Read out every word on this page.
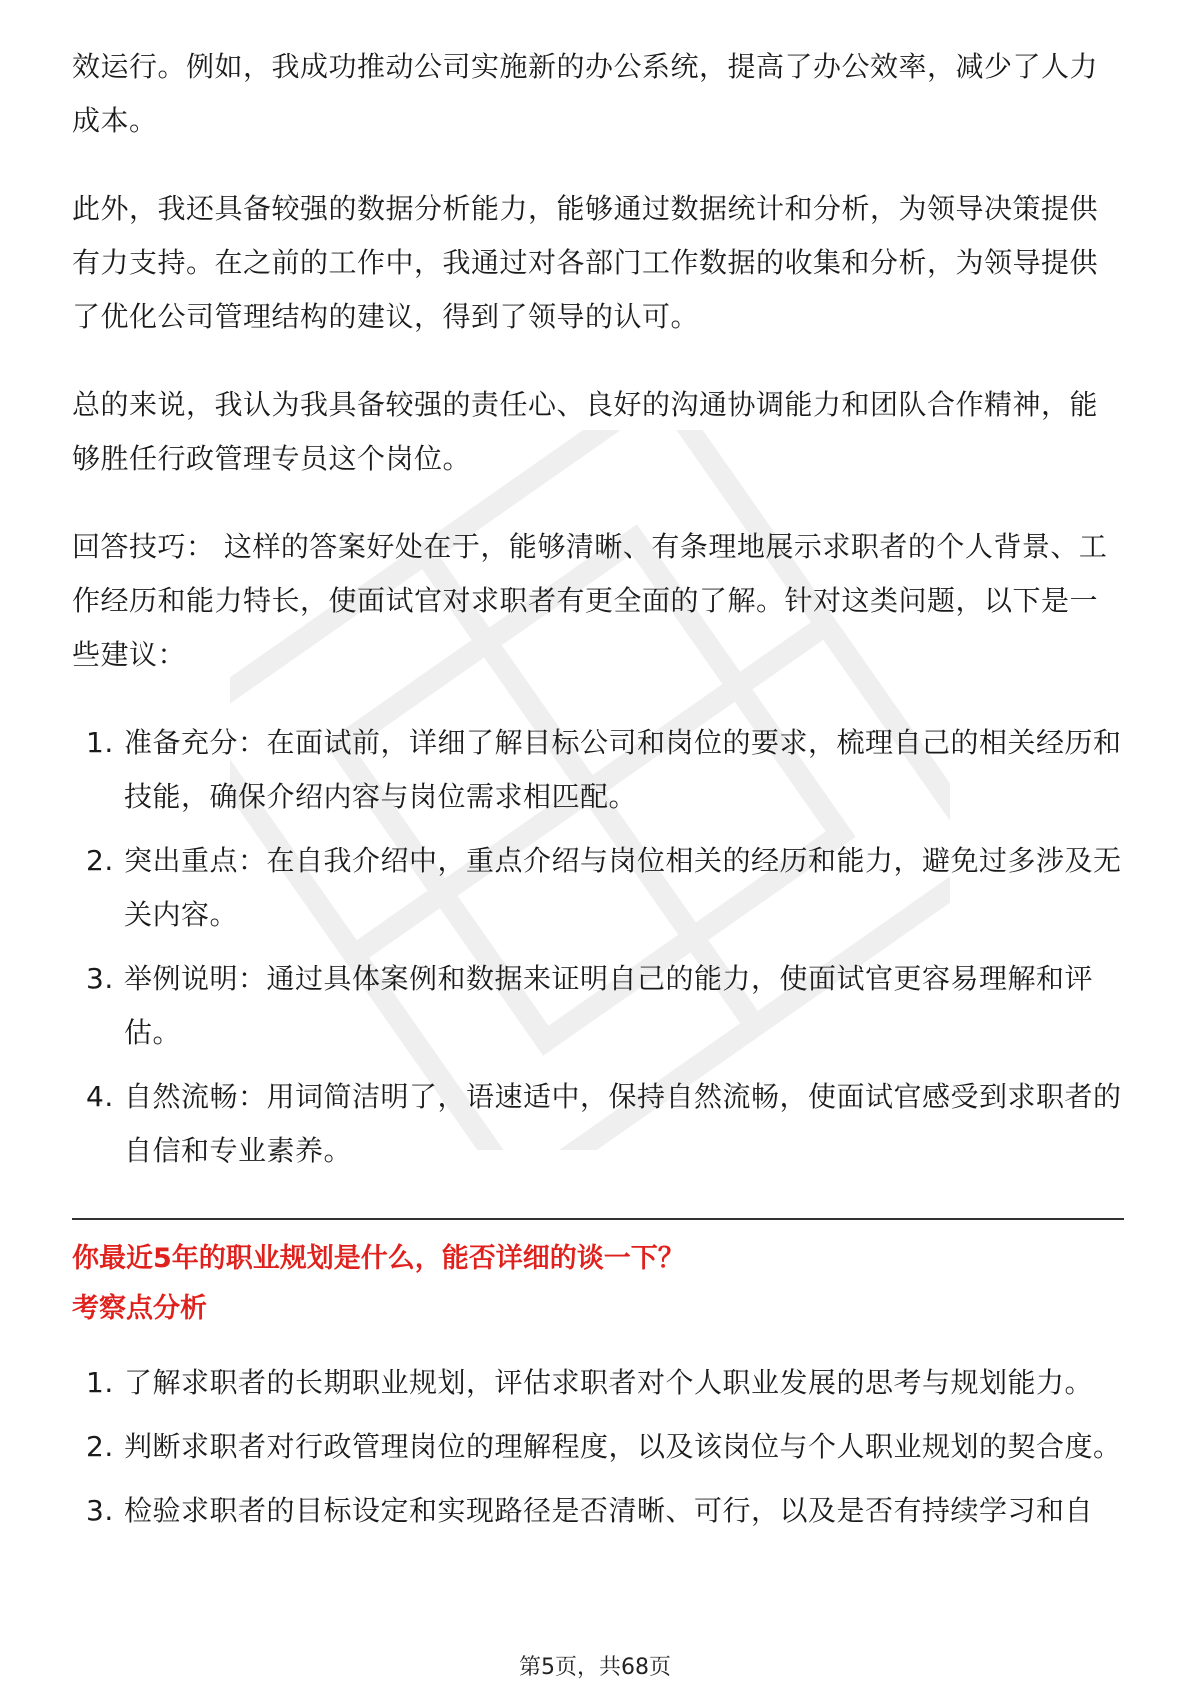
效运行。例如，我成功推动公司实施新的办公系统，提高了办公效率，减少了人力成本。

此外，我还具备较强的数据分析能力，能够通过数据统计和分析，为领导决策提供有力支持。在之前的工作中，我通过对各部门工作数据的收集和分析，为领导提供了优化公司管理结构的建议，得到了领导的认可。

总的来说，我认为我具备较强的责任心、良好的沟通协调能力和团队合作精神，能够胜任行政管理专员这个岗位。

回答技巧： 这样的答案好处在于，能够清晰、有条理地展示求职者的个人背景、工作经历和能力特长，使面试官对求职者有更全面的了解。针对这类问题，以下是一些建议：

1. 准备充分：在面试前，详细了解目标公司和岗位的要求，梳理自己的相关经历和技能，确保介绍内容与岗位需求相匹配。
2. 突出重点：在自我介绍中，重点介绍与岗位相关的经历和能力，避免过多涉及无关内容。
3. 举例说明：通过具体案例和数据来证明自己的能力，使面试官更容易理解和评估。
4. 自然流畅：用词简洁明了，语速适中，保持自然流畅，使面试官感受到求职者的自信和专业素养。

你最近5年的职业规划是什么，能否详细的谈一下？

考察点分析

1. 了解求职者的长期职业规划，评估求职者对个人职业发展的思考与规划能力。
2. 判断求职者对行政管理岗位的理解程度，以及该岗位与个人职业规划的契合度。
3. 检验求职者的目标设定和实现路径是否清晰、可行，以及是否有持续学习和自
第5页，共68页
